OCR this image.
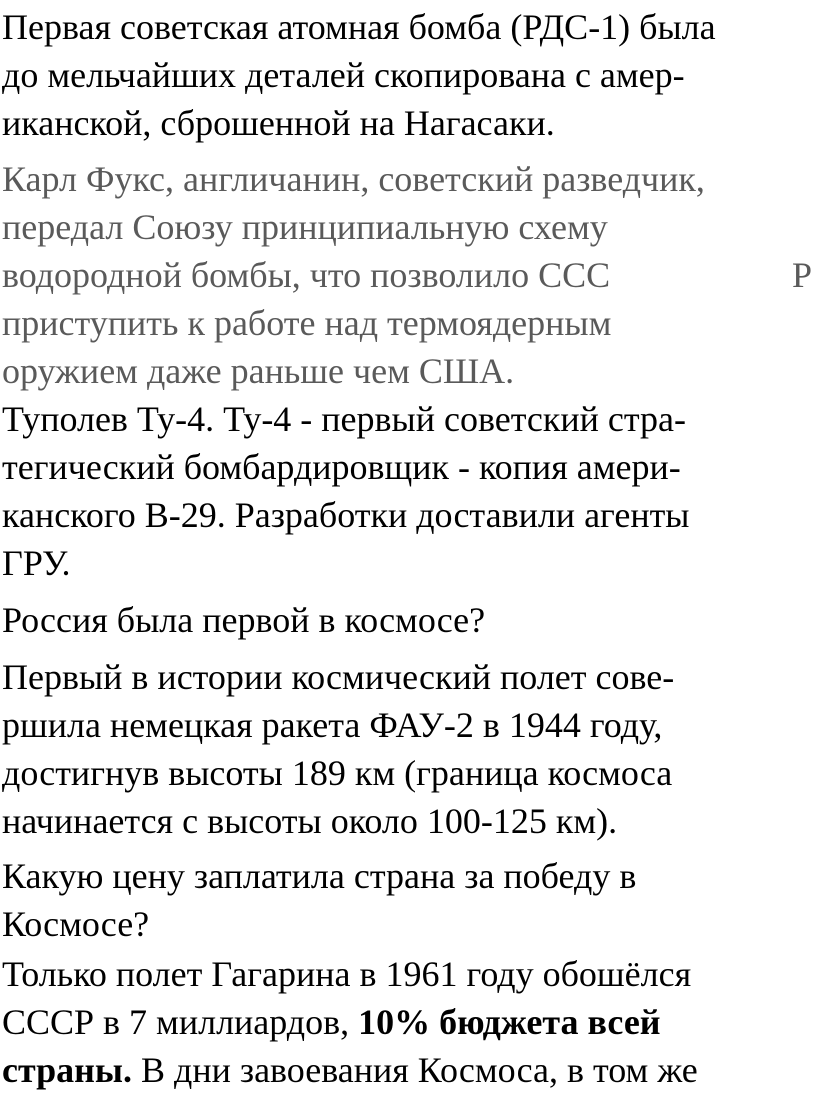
Первая советская атомная бомба (РДС-1) была
до мельчайших деталей скопирована с амер-
иканской, сброшенной на Нагасаки.
Карл Фукс, англичанин, советский разведчик,
передал Союзу принципиальную схему
водородной бомбы, что позволило ССС	Р
приступить к работе над термоядерным
оружием даже раньше чем США.
Туполев Ту-4. Ту-4 - первый советский стра-
тегический бомбардировщик - копия амери-
канского В-29. Разработки доставили агенты
ГРУ.
Россия была первой в космосе?
Первый в истории космический полет сове-
ршила немецкая ракета ФАУ-2 в 1944 году,
достигнув высоты 189 км (граница космоса
начинается с высоты около 100-125 км).
Какую цену заплатила страна за победу в
Космосе?
Только полет Гагарина в 1961 году обошёлся
СССР в 7 миллиардов, 10% бюджета всей
страны. В дни завоевания Космоса, в том же
